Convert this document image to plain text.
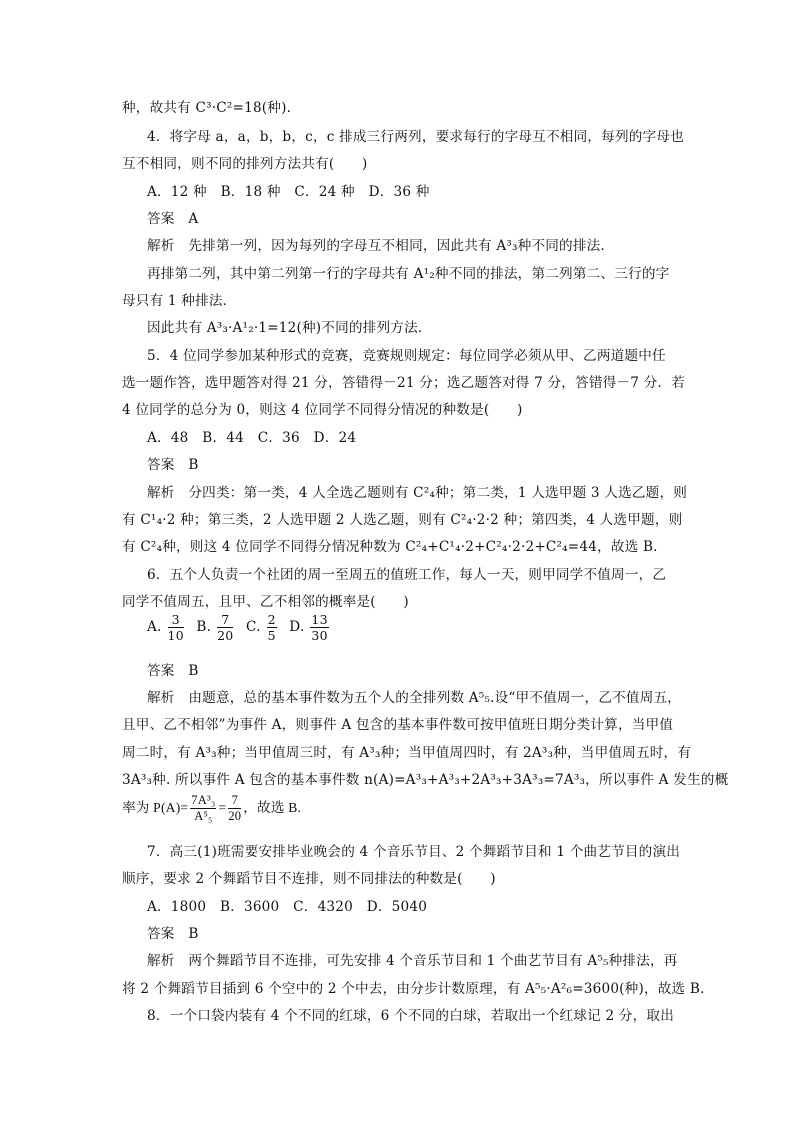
种，故共有 C³·C²=18(种).
4．将字母 a，a，b，b，c，c 排成三行两列，要求每行的字母互不相同，每列的字母也
互不相同，则不同的排列方法共有(　　)
A．12 种　B．18 种　C．24 种　D．36 种
答案　A
解析　先排第一列，因为每列的字母互不相同，因此共有 A³₃种不同的排法．
再排第二列，其中第二列第一行的字母共有 A¹₂种不同的排法，第二列第二、三行的字
母只有 1 种排法．
因此共有 A³₃·A¹₂·1=12(种)不同的排列方法．
5．4 位同学参加某种形式的竞赛，竞赛规则规定：每位同学必须从甲、乙两道题中任
选一题作答，选甲题答对得 21 分，答错得－21 分；选乙题答对得 7 分，答错得－7 分．若
4 位同学的总分为 0，则这 4 位同学不同得分情况的种数是(　　)
A．48　B．44　C．36　D．24
答案　B
解析　分四类：第一类，4 人全选乙题则有 C²₄种；第二类，1 人选甲题 3 人选乙题，则
有 C¹₄·2 种；第三类，2 人选甲题 2 人选乙题，则有 C²₄·2·2 种；第四类，4 人选甲题，则
有 C²₄种，则这 4 位同学不同得分情况种数为 C²₄+C¹₄·2+C²₄·2·2+C²₄=44，故选 B.
6．五个人负责一个社团的周一至周五的值班工作，每人一天，则甲同学不值周一，乙
同学不值周五，且甲、乙不相邻的概率是(　　)
A. $\frac{3}{10} B$. $\frac{7}{20} C$. $\frac{2}{5} D$. $\frac{13}{30}$
答案　B
解析　由题意，总的基本事件数为五个人的全排列数 A⁵₅.设“甲不值周一，乙不值周五，
且甲、乙不相邻”为事件 A，则事件 A 包含的基本事件数可按甲值班日期分类计算，当甲值
周二时，有 A³₃种；当甲值周三时，有 A³₃种；当甲值周四时，有 2A³₃种，当甲值周五时，有
3A³₃种. 所以事件 A 包含的基本事件数 n(A)=A³₃+A³₃+2A³₃+3A³₃=7A³₃，所以事件 A 发生的概
率为 $P(A)= \frac{\text{7A³₃}}{\text{A⁵₅}} = \frac{7}{20}$ ，故选 B.
7．高三(1)班需要安排毕业晚会的 4 个音乐节目、2 个舞蹈节目和 1 个曲艺节目的演出
顺序，要求 2 个舞蹈节目不连排，则不同排法的种数是(　　)
A．1800　B．3600　C．4320　D．5040
答案　B
解析　两个舞蹈节目不连排，可先安排 4 个音乐节目和 1 个曲艺节目有 A⁵₅种排法，再
将 2 个舞蹈节目插到 6 个空中的 2 个中去，由分步计数原理，有 A⁵₅·A²₆=3600(种)，故选 B.
8．一个口袋内装有 4 个不同的红球，6 个不同的白球，若取出一个红球记 2 分，取出
